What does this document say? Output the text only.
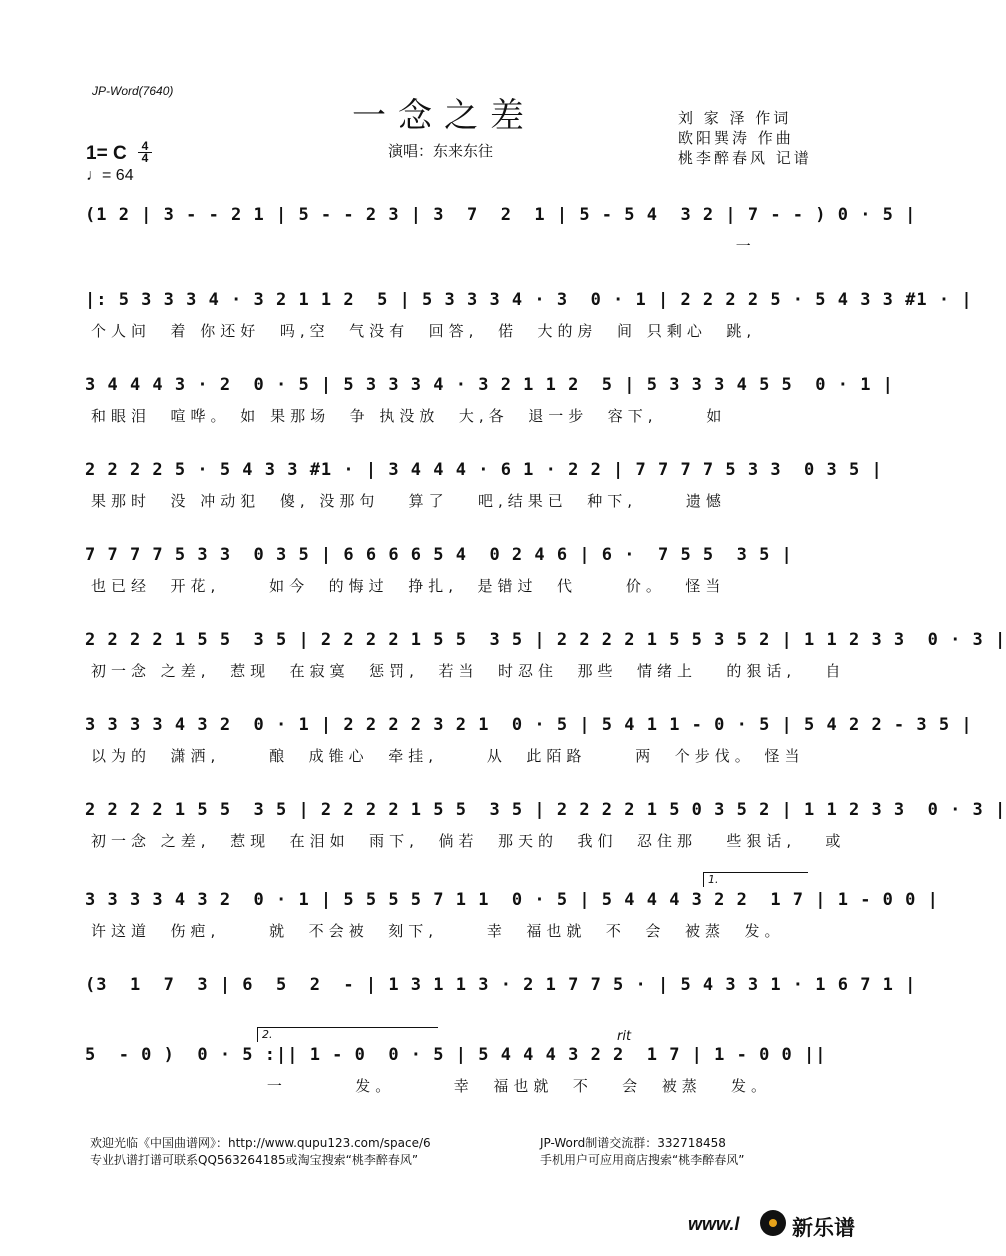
JP-Word(7640)
一念之差
演唱：东来东往
刘 家 泽 作词
欧阳巽涛 作曲
桃李醉春风 记谱
1= C	4
4
♩= 64
(1 2 | 3 - - 2 1 | 5 - - 2 3 | 3  7  2  1 | 5 - 5 4  3 2 | 7 - - ) 0 · 5 |
一
|: 5 3 3 3 4 · 3 2 1 1 2  5 | 5 3 3 3 4 · 3  0 · 1 | 2 2 2 2 5 · 5 4 3 3 #1 · |
个人问  着 你还好  吗,空  气没有  回答,  偌  大的房  间 只剩心  跳,
3 4 4 4 3 · 2  0 · 5 | 5 3 3 3 4 · 3 2 1 1 2  5 | 5 3 3 3 4 5 5  0 · 1 |
和眼泪  喧哗。 如 果那场  争 执没放  大,各  退一步  容下,     如
2 2 2 2 5 · 5 4 3 3 #1 · | 3 4 4 4 · 6 1 · 2 2 | 7 7 7 7 5 3 3  0 3 5 |
果那时  没 冲动犯  傻, 没那句   算了   吧,结果已  种下,     遗憾
7 7 7 7 5 3 3  0 3 5 | 6 6 6 6 5 4  0 2 4 6 | 6 ·  7 5 5  3 5 |
也已经  开花,     如今  的悔过  挣扎,  是错过  代     价。  怪当
2 2 2 2 1 5 5  3 5 | 2 2 2 2 1 5 5  3 5 | 2 2 2 2 1 5 5 3 5 2 | 1 1 2 3 3  0 · 3 |
初一念 之差,  惹现  在寂寞  惩罚,  若当  时忍住  那些  情绪上   的狠话,   自
3 3 3 3 4 3 2  0 · 1 | 2 2 2 2 3 2 1  0 · 5 | 5 4 1 1 - 0 · 5 | 5 4 2 2 - 3 5 |
以为的  潇洒,     酿  成锥心  牵挂,     从  此陌路     两  个步伐。 怪当
2 2 2 2 1 5 5  3 5 | 2 2 2 2 1 5 5  3 5 | 2 2 2 2 1 5 0 3 5 2 | 1 1 2 3 3  0 · 3 |
初一念 之差,  惹现  在泪如  雨下,  倘若  那天的  我们  忍住那   些狠话,   或
1.
3 3 3 3 4 3 2  0 · 1 | 5 5 5 5 7 1 1  0 · 5 | 5 4 4 4 3 2 2  1 7 | 1 - 0 0 |
许这道  伤疤,     就  不会被  刻下,     幸  福也就  不  会  被蒸  发。
(3  1  7  3 | 6  5  2  - | 1 3 1 1 3 · 2 1 7 7 5 · | 5 4 3 3 1 · 1 6 7 1 |
2.	rit
5  - 0 )  0 · 5 :|| 1 - 0  0 · 5 | 5 4 4 4 3 2 2  1 7 | 1 - 0 0 ||
一       发。      幸  福也就  不   会  被蒸   发。
欢迎光临《中国曲谱网》：http://www.qupu123.com/space/6
专业扒谱打谱可联系QQ563264185或淘宝搜索“桃李醉春风”
JP-Word制谱交流群：332718458
手机用户可应用商店搜索“桃李醉春风”
www.l	新乐谱
